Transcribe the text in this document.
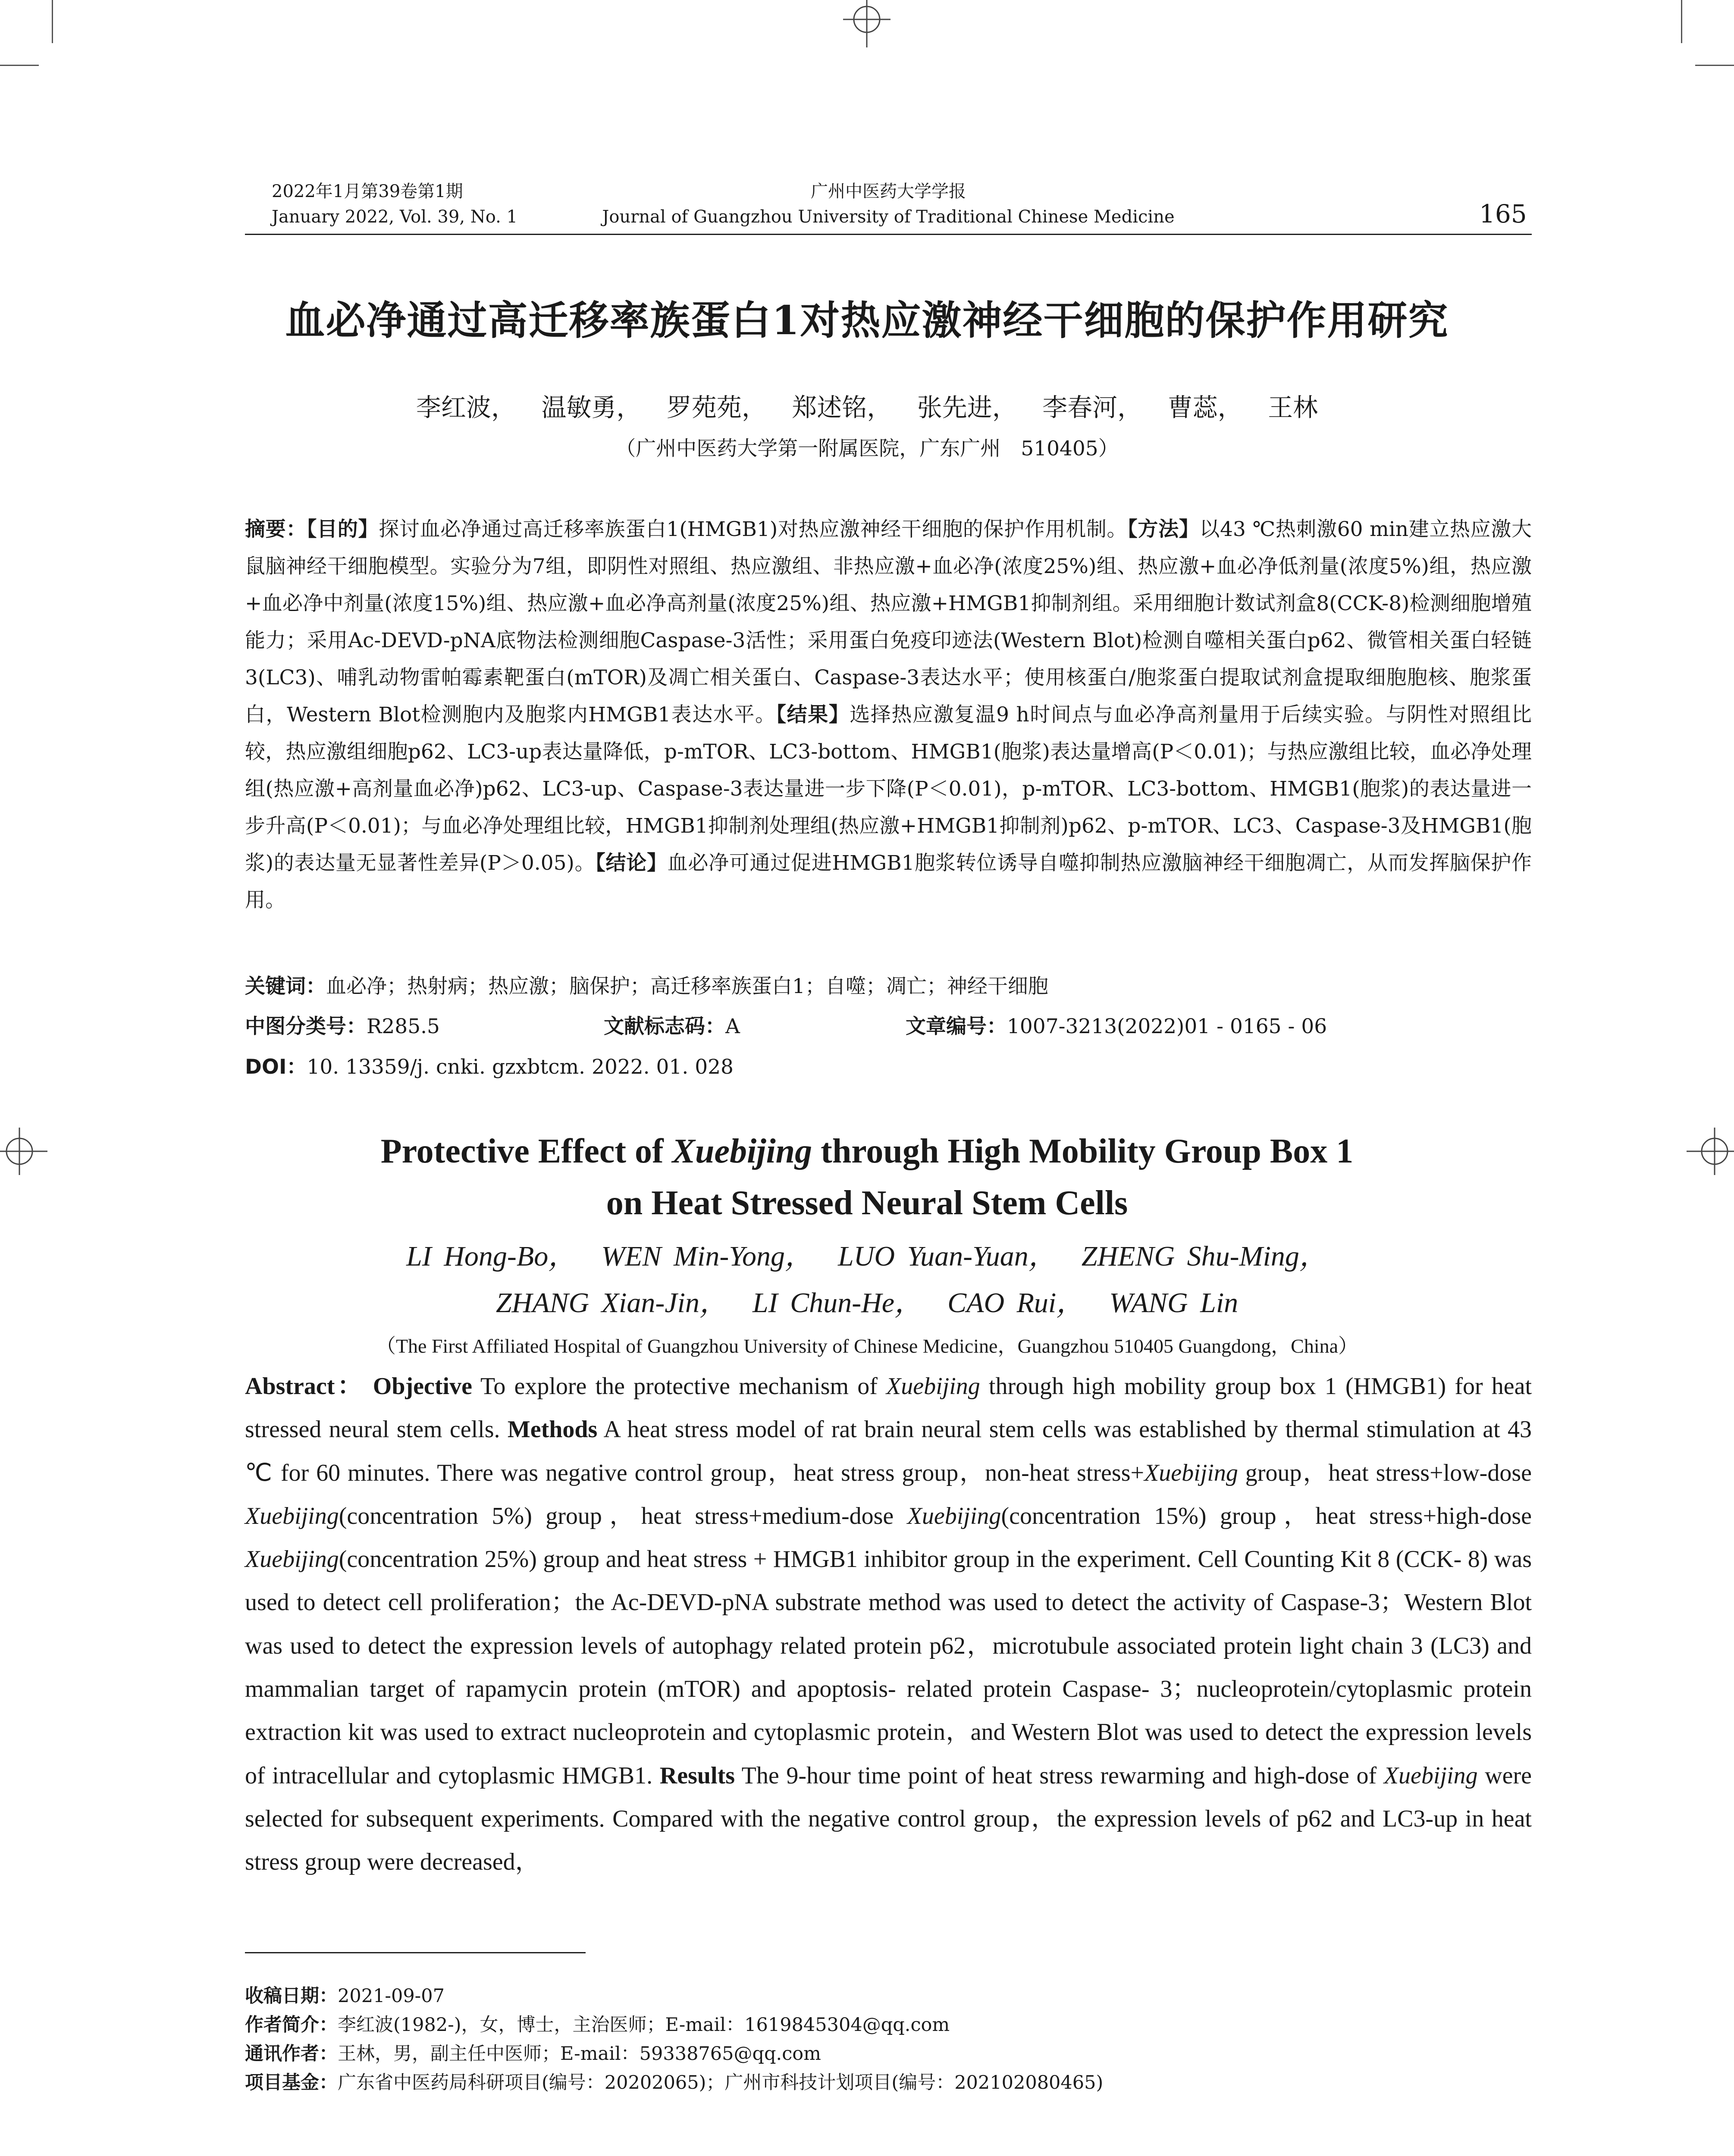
2022年1月第39卷第1期
January 2022, Vol. 39, No. 1
广州中医药大学学报
Journal of Guangzhou University of Traditional Chinese Medicine	165
血必净通过高迁移率族蛋白1对热应激神经干细胞的保护作用研究
李红波， 温敏勇， 罗苑苑， 郑述铭， 张先进， 李春河， 曹蕊， 王林
（广州中医药大学第一附属医院，广东广州　510405）
摘要：【目的】探讨血必净通过高迁移率族蛋白1(HMGB1)对热应激神经干细胞的保护作用机制。【方法】以43 ℃热刺激60 min建立热应激大鼠脑神经干细胞模型。实验分为7组，即阴性对照组、热应激组、非热应激+血必净(浓度25%)组、热应激+血必净低剂量(浓度5%)组，热应激+血必净中剂量(浓度15%)组、热应激+血必净高剂量(浓度25%)组、热应激+HMGB1抑制剂组。采用细胞计数试剂盒8(CCK-8)检测细胞增殖能力；采用Ac-DEVD-pNA底物法检测细胞Caspase-3活性；采用蛋白免疫印迹法(Western Blot)检测自噬相关蛋白p62、微管相关蛋白轻链3(LC3)、哺乳动物雷帕霉素靶蛋白(mTOR)及凋亡相关蛋白、Caspase-3表达水平；使用核蛋白/胞浆蛋白提取试剂盒提取细胞胞核、胞浆蛋白，Western Blot检测胞内及胞浆内HMGB1表达水平。【结果】选择热应激复温9 h时间点与血必净高剂量用于后续实验。与阴性对照组比较，热应激组细胞p62、LC3-up表达量降低，p-mTOR、LC3-bottom、HMGB1(胞浆)表达量增高(P＜0.01)；与热应激组比较，血必净处理组(热应激+高剂量血必净)p62、LC3-up、Caspase-3表达量进一步下降(P＜0.01)，p-mTOR、LC3-bottom、HMGB1(胞浆)的表达量进一步升高(P＜0.01)；与血必净处理组比较，HMGB1抑制剂处理组(热应激+HMGB1抑制剂)p62、p-mTOR、LC3、Caspase-3及HMGB1(胞浆)的表达量无显著性差异(P＞0.05)。【结论】血必净可通过促进HMGB1胞浆转位诱导自噬抑制热应激脑神经干细胞凋亡，从而发挥脑保护作用。
关键词：血必净；热射病；热应激；脑保护；高迁移率族蛋白1；自噬；凋亡；神经干细胞
中图分类号：R285.5	文献标志码：A	文章编号：1007-3213(2022)01 - 0165 - 06
DOI：10. 13359/j. cnki. gzxbtcm. 2022. 01. 028
Protective Effect of Xuebijing through High Mobility Group Box 1
on Heat Stressed Neural Stem Cells
LI Hong-Bo，  WEN Min-Yong，  LUO Yuan-Yuan，  ZHENG Shu-Ming，
ZHANG Xian-Jin，  LI Chun-He，  CAO Rui，  WANG Lin
（The First Affiliated Hospital of Guangzhou University of Chinese Medicine，Guangzhou 510405 Guangdong，China）
Abstract： Objective To explore the protective mechanism of Xuebijing through high mobility group box 1 (HMGB1) for heat stressed neural stem cells. Methods A heat stress model of rat brain neural stem cells was established by thermal stimulation at 43 ℃ for 60 minutes. There was negative control group，heat stress group，non-heat stress+Xuebijing group，heat stress+low-dose Xuebijing(concentration 5%) group，heat stress+medium-dose Xuebijing(concentration 15%) group，heat stress+high-dose Xuebijing(concentration 25%) group and heat stress + HMGB1 inhibitor group in the experiment. Cell Counting Kit 8 (CCK- 8) was used to detect cell proliferation；the Ac-DEVD-pNA substrate method was used to detect the activity of Caspase-3；Western Blot was used to detect the expression levels of autophagy related protein p62，microtubule associated protein light chain 3 (LC3) and mammalian target of rapamycin protein (mTOR) and apoptosis- related protein Caspase- 3；nucleoprotein/cytoplasmic protein extraction kit was used to extract nucleoprotein and cytoplasmic protein，and Western Blot was used to detect the expression levels of intracellular and cytoplasmic HMGB1. Results The 9-hour time point of heat stress rewarming and high-dose of Xuebijing were selected for subsequent experiments. Compared with the negative control group，the expression levels of p62 and LC3-up in heat stress group were decreased，
收稿日期：2021-09-07
作者简介：李红波(1982-)，女，博士，主治医师；E-mail：1619845304@qq.com
通讯作者：王林，男，副主任中医师；E-mail：59338765@qq.com
项目基金：广东省中医药局科研项目(编号：20202065)；广州市科技计划项目(编号：202102080465)
